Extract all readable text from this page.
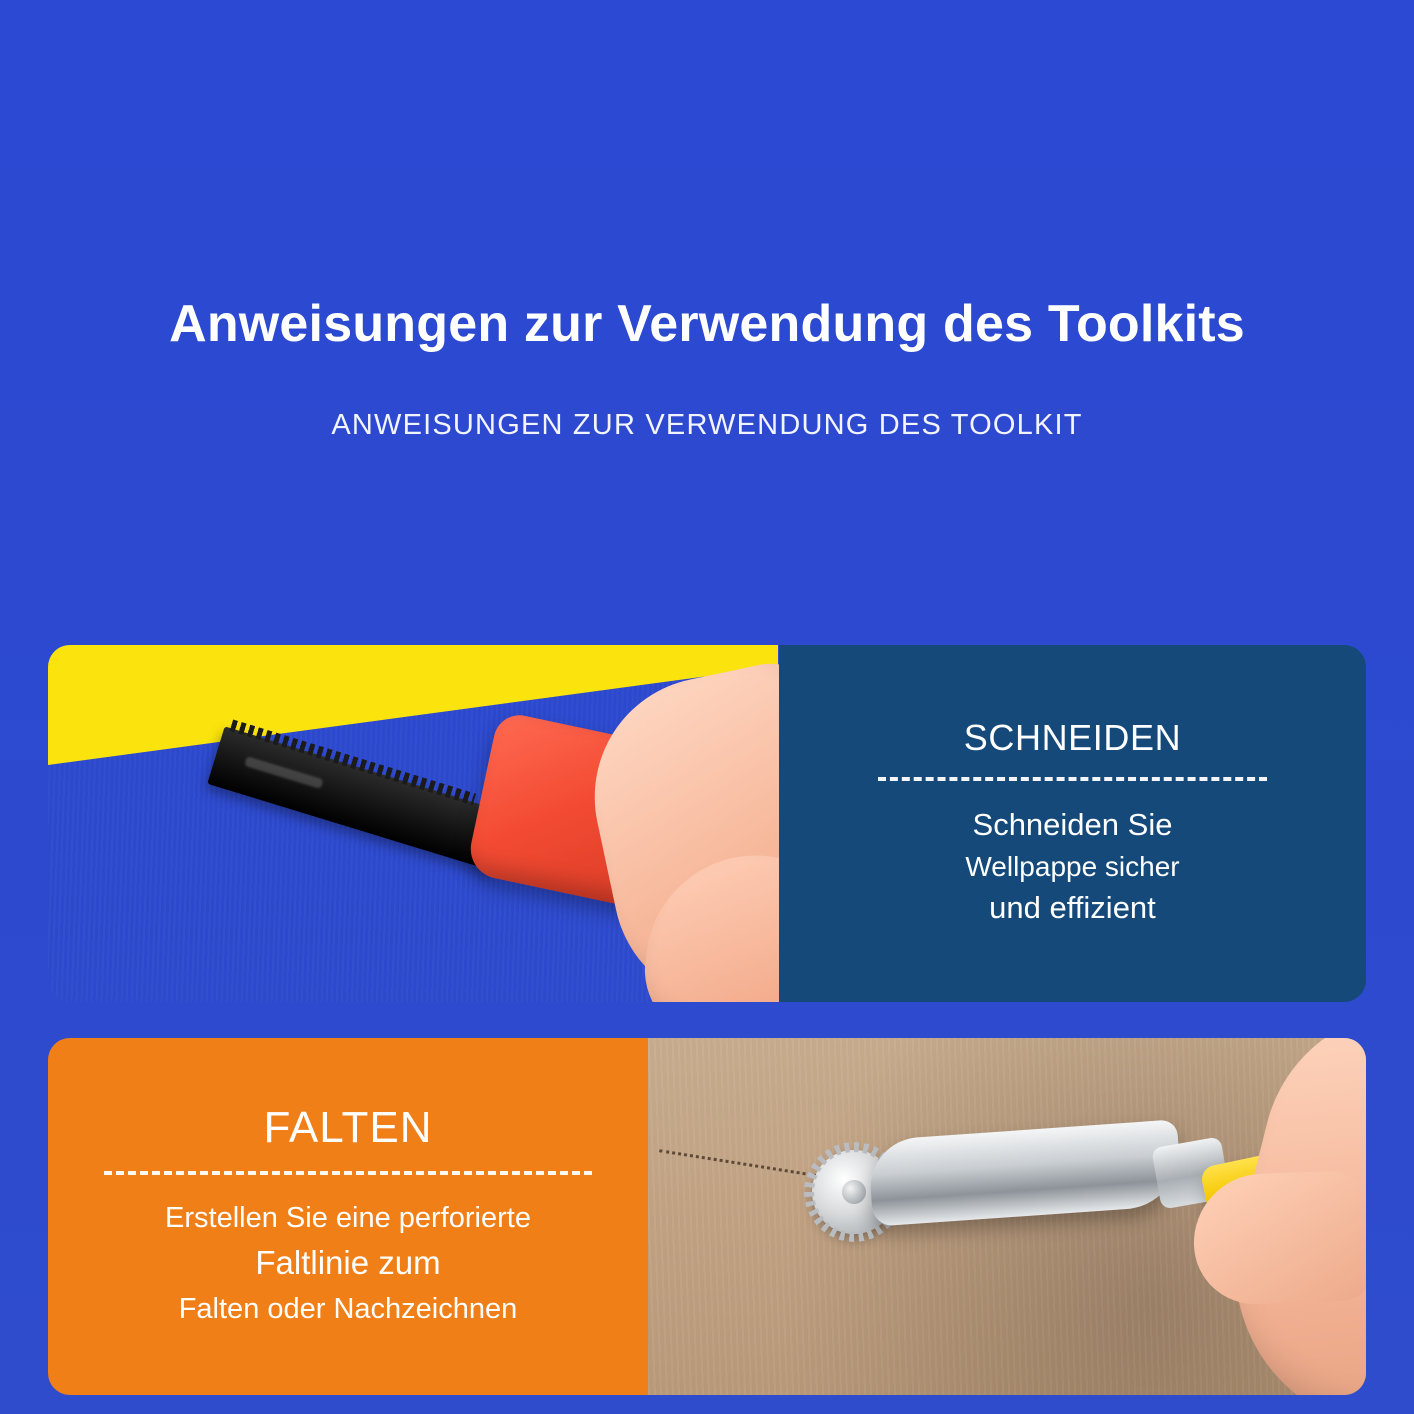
Anweisungen zur Verwendung des Toolkits

ANWEISUNGEN ZUR VERWENDUNG DES TOOLKIT

SCHNEIDEN

Schneiden Sie
Wellpappe sicher
und effizient

FALTEN

Erstellen Sie eine perforierte
Faltlinie zum
Falten oder Nachzeichnen
